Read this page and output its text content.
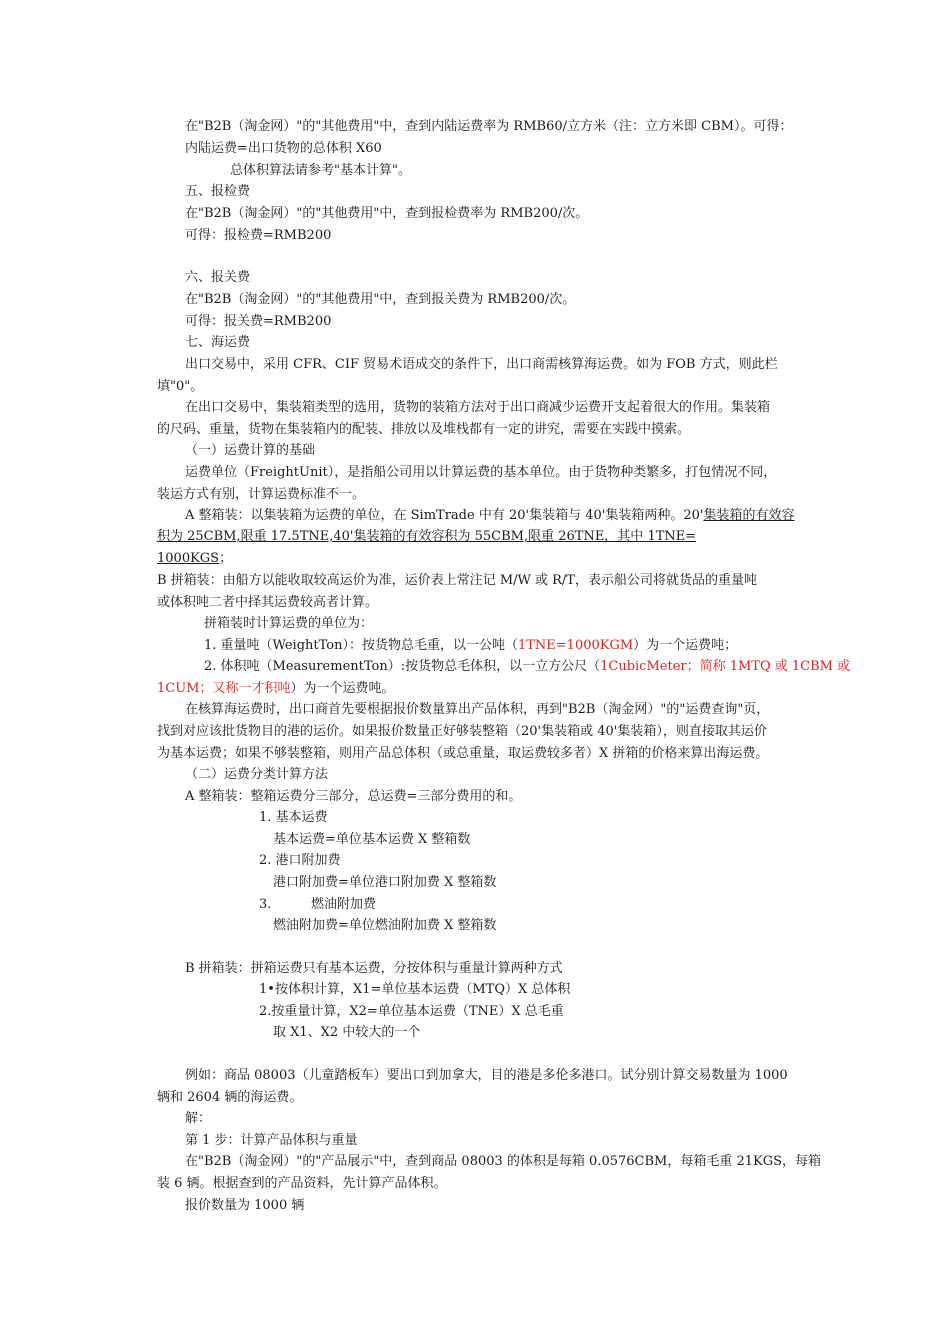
在"B2B（淘金网）"的"其他费用"中，查到内陆运费率为 RMB60/立方米（注：立方米即 CBM）。可得：
内陆运费=出口货物的总体积 X60
总体积算法请参考"基本计算"。
五、报检费
在"B2B（淘金网）"的"其他费用"中，查到报检费率为 RMB200/次。
可得：报检费=RMB200
六、报关费
在"B2B（淘金网）"的"其他费用"中，查到报关费为 RMB200/次。
可得：报关费=RMB200
七、海运费
出口交易中，采用 CFR、CIF 贸易术语成交的条件下，出口商需核算海运费。如为 FOB 方式，则此栏
填"0"。
在出口交易中，集装箱类型的选用，货物的装箱方法对于出口商减少运费开支起着很大的作用。集装箱
的尺码、重量，货物在集装箱内的配装、排放以及堆栈都有一定的讲究，需要在实践中摸索。
（一）运费计算的基础
运费单位（FreightUnit），是指船公司用以计算运费的基本单位。由于货物种类繁多，打包情况不同，
装运方式有别，计算运费标准不一。
A 整箱装：以集装箱为运费的单位，在 SimTrade 中有 20'集装箱与 40'集装箱两种。20'集装箱的有效容
积为 25CBM,限重 17.5TNE,40'集装箱的有效容积为 55CBM,限重 26TNE，其中 1TNE=
1000KGS；
B 拼箱装：由船方以能收取较高运价为准，运价表上常注记 M/W 或 R/T，表示船公司将就货品的重量吨
或体积吨二者中择其运费较高者计算。
拼箱装时计算运费的单位为：
1. 重量吨（WeightTon）：按货物总毛重，以一公吨（1TNE=1000KGM）为一个运费吨；
2. 体积吨（MeasurementTon）:按货物总毛体积，以一立方公尺（1CubicMeter；简称 1MTQ 或 1CBM 或
1CUM；又称一才积吨）为一个运费吨。
在核算海运费时，出口商首先要根据报价数量算出产品体积，再到"B2B（淘金网）"的"运费查询"页，
找到对应该批货物目的港的运价。如果报价数量正好够装整箱（20'集装箱或 40'集装箱），则直接取其运价
为基本运费；如果不够装整箱，则用产品总体积（或总重量，取运费较多者）X 拼箱的价格来算出海运费。
（二）运费分类计算方法
A 整箱装：整箱运费分三部分，总运费=三部分费用的和。
1. 基本运费
基本运费=单位基本运费 X 整箱数
2. 港口附加费
港口附加费=单位港口附加费 X 整箱数
3.	燃油附加费
燃油附加费=单位燃油附加费 X 整箱数
B 拼箱装：拼箱运费只有基本运费，分按体积与重量计算两种方式
1•按体积计算，X1=单位基本运费（MTQ）X 总体积
2.按重量计算，X2=单位基本运费（TNE）X 总毛重
取 X1、X2 中较大的一个
例如：商品 08003（儿童踏板车）要出口到加拿大，目的港是多伦多港口。试分别计算交易数量为 1000
辆和 2604 辆的海运费。
解：
第 1 步：计算产品体积与重量
在"B2B（淘金网）"的"产品展示"中，查到商品 08003 的体积是每箱 0.0576CBM，每箱毛重 21KGS，每箱
装 6 辆。根据查到的产品资料，先计算产品体积。
报价数量为 1000 辆
